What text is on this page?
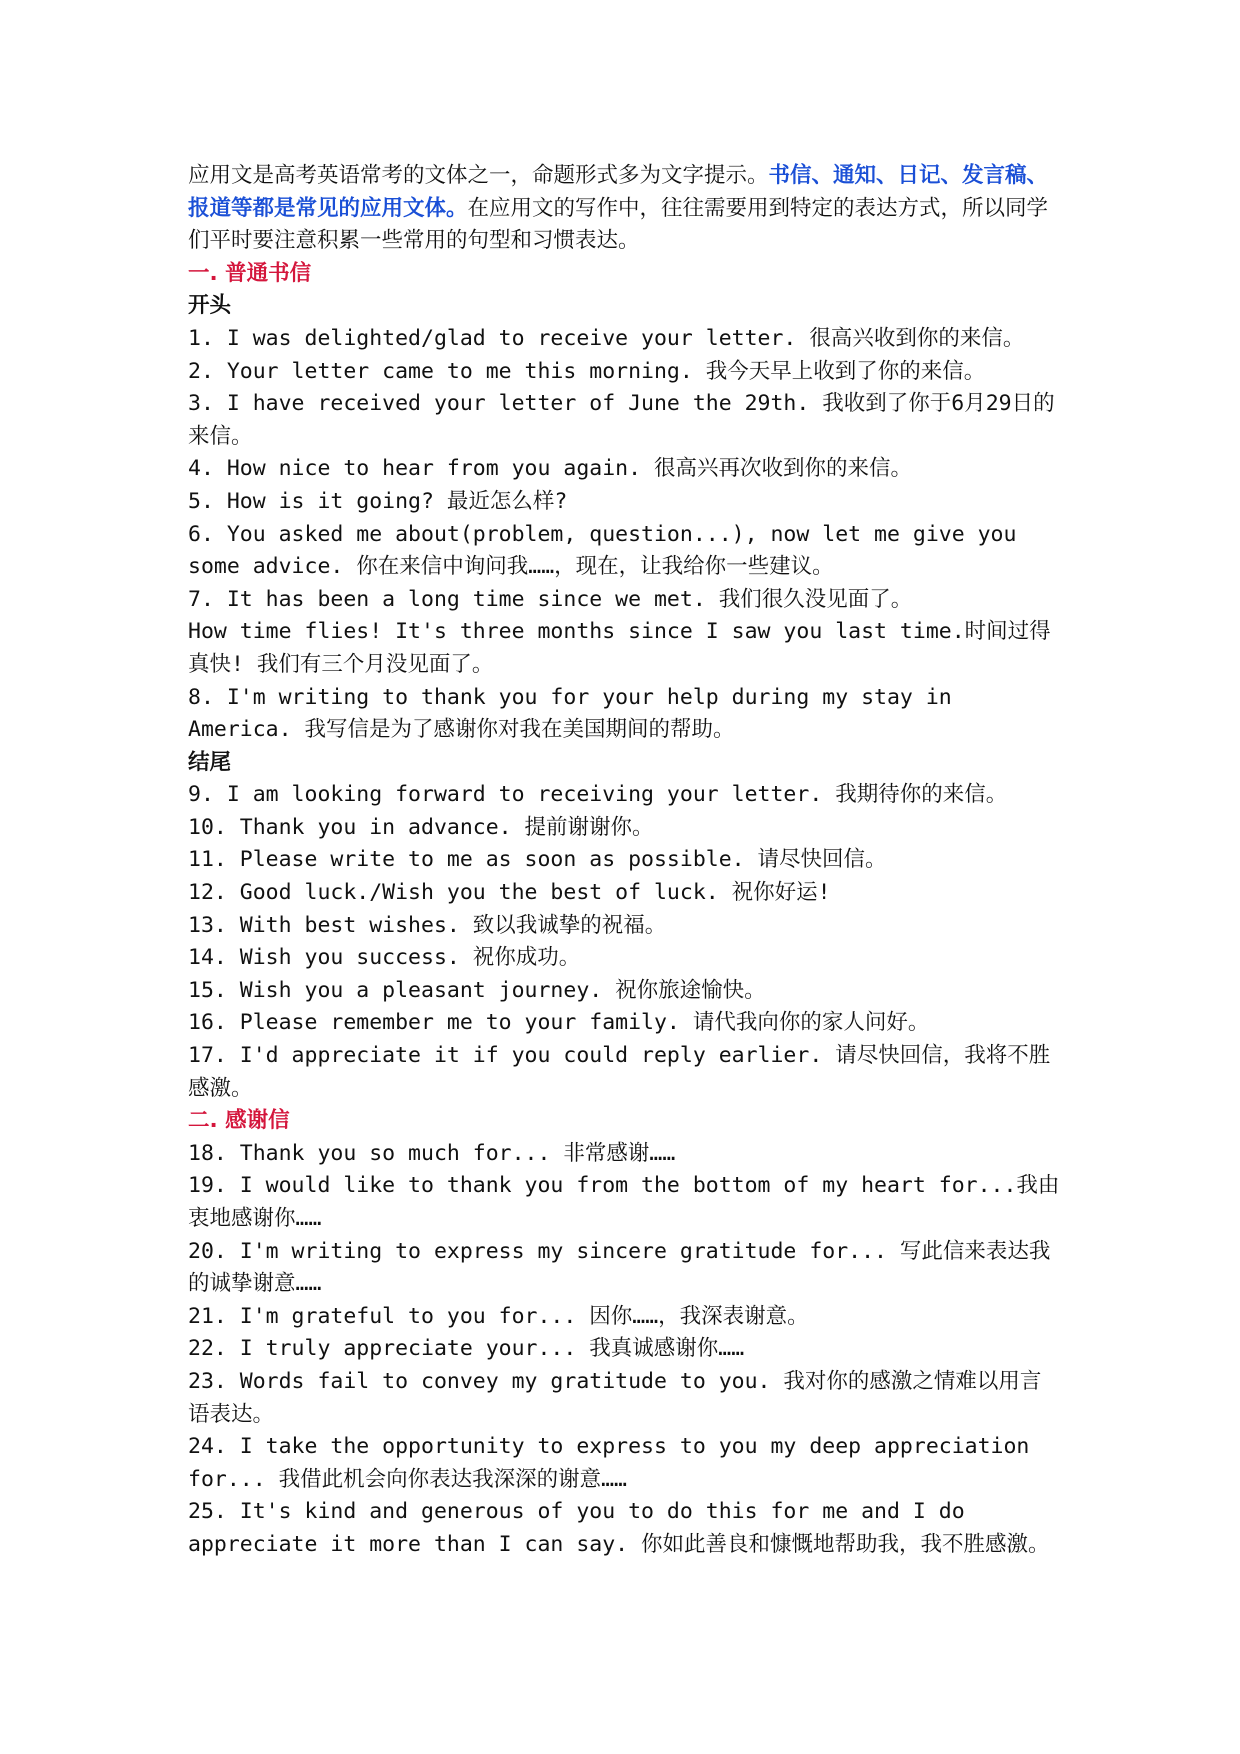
应用文是高考英语常考的文体之一，命题形式多为文字提示。书信、通知、日记、发言稿、报道等都是常见的应用文体。在应用文的写作中，往往需要用到特定的表达方式，所以同学们平时要注意积累一些常用的句型和习惯表达。

一. 普通书信

开头

1. I was delighted/glad to receive your letter. 很高兴收到你的来信。

2. Your letter came to me this morning. 我今天早上收到了你的来信。

3. I have received your letter of June the 29th. 我收到了你于6月29日的来信。

4. How nice to hear from you again. 很高兴再次收到你的来信。

5. How is it going? 最近怎么样?

6. You asked me about(problem, question...), now let me give you some advice. 你在来信中询问我……，现在，让我给你一些建议。

7. It has been a long time since we met. 我们很久没见面了。

How time flies! It's three months since I saw you last time.时间过得真快! 我们有三个月没见面了。

8. I'm writing to thank you for your help during my stay in America. 我写信是为了感谢你对我在美国期间的帮助。

结尾

9. I am looking forward to receiving your letter. 我期待你的来信。

10. Thank you in advance. 提前谢谢你。

11. Please write to me as soon as possible. 请尽快回信。

12. Good luck./Wish you the best of luck. 祝你好运!

13. With best wishes. 致以我诚挚的祝福。

14. Wish you success. 祝你成功。

15. Wish you a pleasant journey. 祝你旅途愉快。

16. Please remember me to your family. 请代我向你的家人问好。

17. I'd appreciate it if you could reply earlier. 请尽快回信，我将不胜感激。

二. 感谢信

18. Thank you so much for... 非常感谢……

19. I would like to thank you from the bottom of my heart for...我由衷地感谢你……

20. I'm writing to express my sincere gratitude for... 写此信来表达我的诚挚谢意……

21. I'm grateful to you for... 因你……，我深表谢意。

22. I truly appreciate your... 我真诚感谢你……

23. Words fail to convey my gratitude to you. 我对你的感激之情难以用言语表达。

24. I take the opportunity to express to you my deep appreciation for... 我借此机会向你表达我深深的谢意……

25. It's kind and generous of you to do this for me and I do appreciate it more than I can say. 你如此善良和慷慨地帮助我，我不胜感激。
